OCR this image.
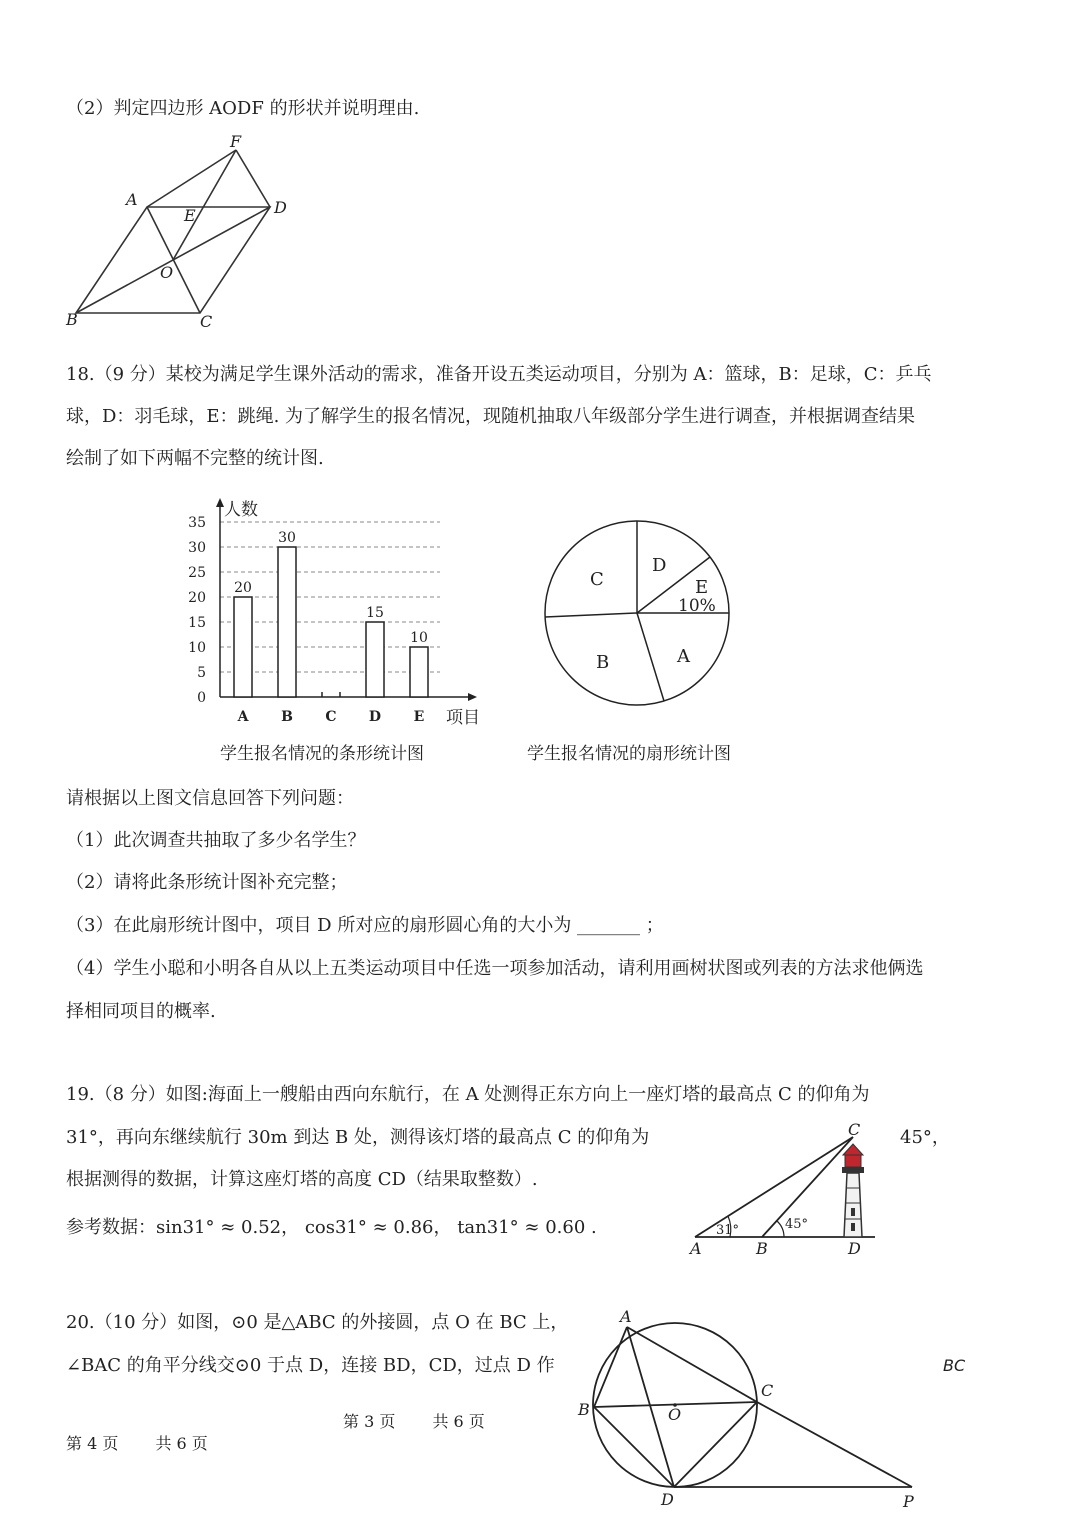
（2）判定四边形 AODF 的形状并说明理由.
F
A
E	D
O
B	C
18.（9 分）某校为满足学生课外活动的需求，准备开设五类运动项目，分别为 A：篮球，B：足球，C：乒乓
球，D：羽毛球，E：跳绳. 为了解学生的报名情况，现随机抽取八年级部分学生进行调查，并根据调查结果
绘制了如下两幅不完整的统计图.
人数
项目
0
5
10
15
20
25
30
35
A B C D E
20
30
15
10
学生报名情况的条形统计图
C
D
E
10%
A
B
学生报名情况的扇形统计图
请根据以上图文信息回答下列问题：
（1）此次调查共抽取了多少名学生？
（2）请将此条形统计图补充完整；
（3）在此扇形统计图中，项目 D 所对应的扇形圆心角的大小为 _______ ；
（4）学生小聪和小明各自从以上五类运动项目中任选一项参加活动，请利用画树状图或列表的方法求他俩选
择相同项目的概率.
19.（8 分）如图:海面上一艘船由西向东航行，在 A 处测得正东方向上一座灯塔的最高点 C 的仰角为
31°，再向东继续航行 30m 到达 B 处，测得该灯塔的最高点 C 的仰角为	45°，
根据测得的数据，计算这座灯塔的高度 CD（结果取整数）.
参考数据：sin31° ≈ 0.52， cos31° ≈ 0.86， tan31° ≈ 0.60 .
C
A	B	D
31°	45°
20.（10 分）如图，⊙0 是△ABC 的外接圆，点 O 在 BC 上，
∠BAC 的角平分线交⊙0 于点 D，连接 BD，CD，过点 D 作	BC
A
B
C
O
D	P
第 3 页　　 共 6 页
第 4 页　　 共 6 页
